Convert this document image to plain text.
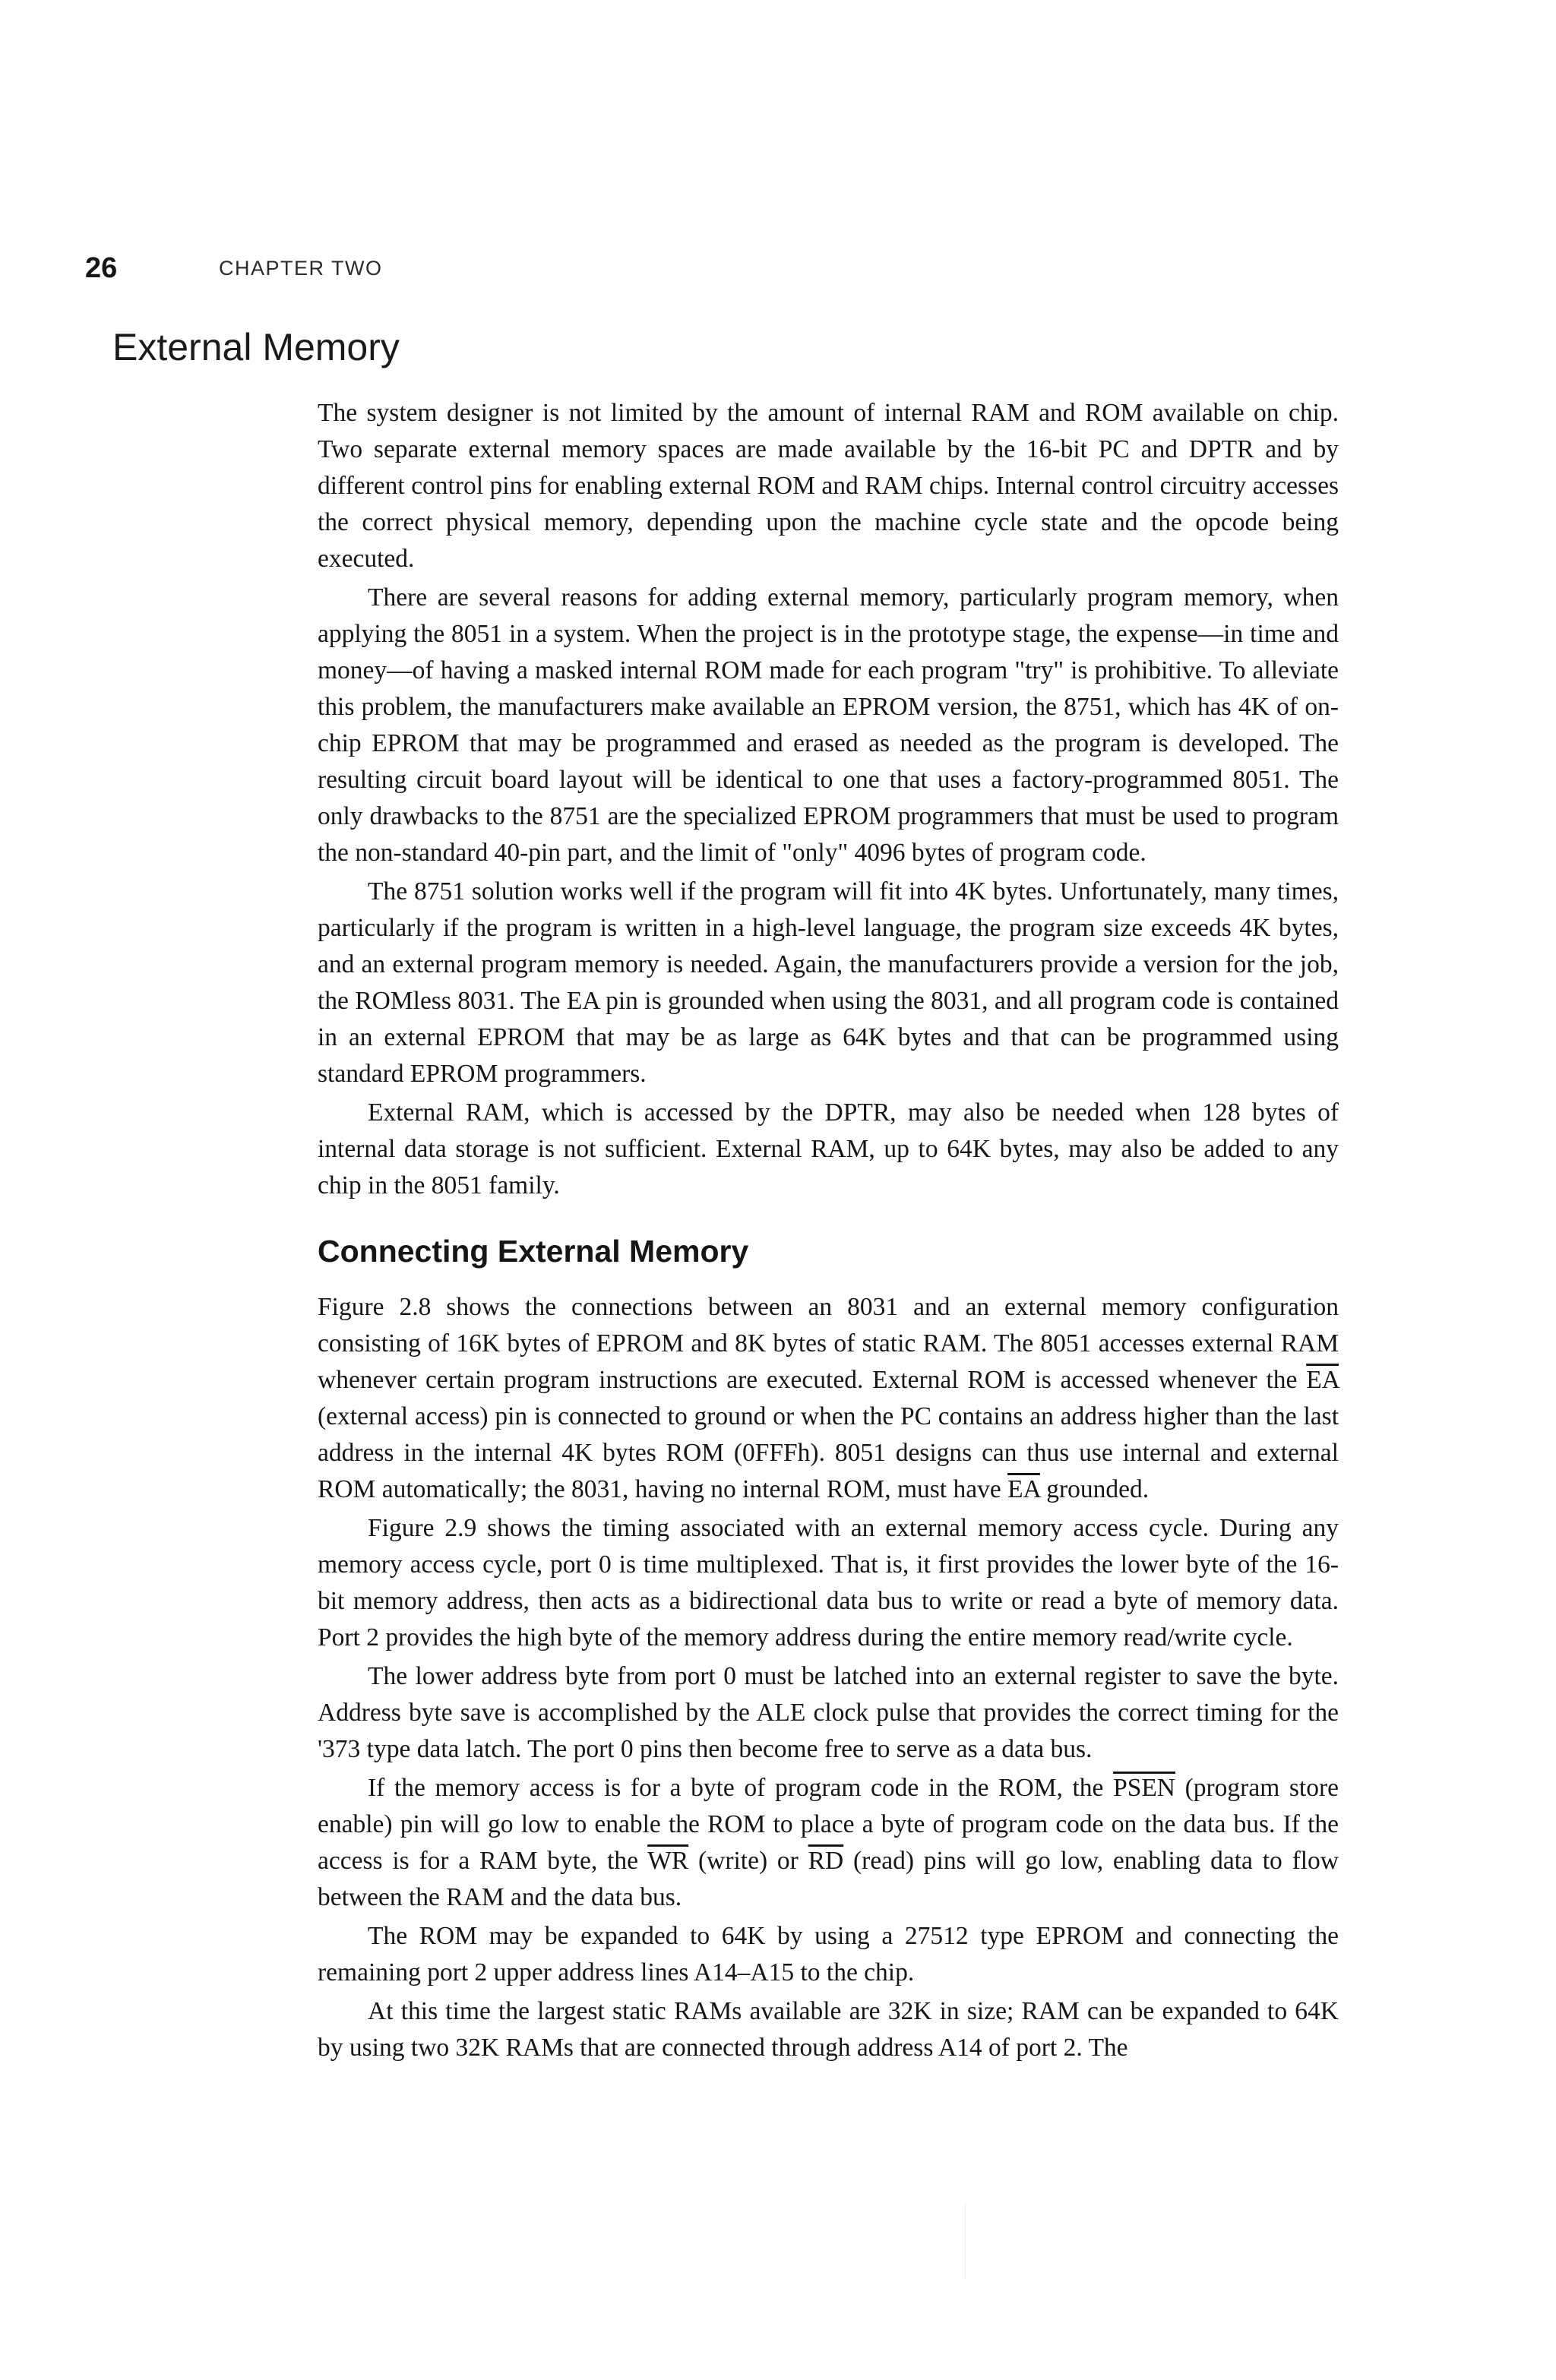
26	CHAPTER TWO
External Memory

The system designer is not limited by the amount of internal RAM and ROM available on chip. Two separate external memory spaces are made available by the 16-bit PC and DPTR and by different control pins for enabling external ROM and RAM chips. Internal control circuitry accesses the correct physical memory, depending upon the machine cycle state and the opcode being executed.

There are several reasons for adding external memory, particularly program memory, when applying the 8051 in a system. When the project is in the prototype stage, the expense—in time and money—of having a masked internal ROM made for each program "try" is prohibitive. To alleviate this problem, the manufacturers make available an EPROM version, the 8751, which has 4K of on-chip EPROM that may be programmed and erased as needed as the program is developed. The resulting circuit board layout will be identical to one that uses a factory-programmed 8051. The only drawbacks to the 8751 are the specialized EPROM programmers that must be used to program the non-standard 40-pin part, and the limit of "only" 4096 bytes of program code.

The 8751 solution works well if the program will fit into 4K bytes. Unfortunately, many times, particularly if the program is written in a high-level language, the program size exceeds 4K bytes, and an external program memory is needed. Again, the manufacturers provide a version for the job, the ROMless 8031. The EA pin is grounded when using the 8031, and all program code is contained in an external EPROM that may be as large as 64K bytes and that can be programmed using standard EPROM programmers.

External RAM, which is accessed by the DPTR, may also be needed when 128 bytes of internal data storage is not sufficient. External RAM, up to 64K bytes, may also be added to any chip in the 8051 family.

Connecting External Memory

Figure 2.8 shows the connections between an 8031 and an external memory configuration consisting of 16K bytes of EPROM and 8K bytes of static RAM. The 8051 accesses external RAM whenever certain program instructions are executed. External ROM is accessed whenever the $\overline{EA}$ (external access) pin is connected to ground or when the PC contains an address higher than the last address in the internal 4K bytes ROM (0FFFh). 8051 designs can thus use internal and external ROM automatically; the 8031, having no internal ROM, must have $\overline{EA}$ grounded.

Figure 2.9 shows the timing associated with an external memory access cycle. During any memory access cycle, port 0 is time multiplexed. That is, it first provides the lower byte of the 16-bit memory address, then acts as a bidirectional data bus to write or read a byte of memory data. Port 2 provides the high byte of the memory address during the entire memory read/write cycle.

The lower address byte from port 0 must be latched into an external register to save the byte. Address byte save is accomplished by the ALE clock pulse that provides the correct timing for the '373 type data latch. The port 0 pins then become free to serve as a data bus.

If the memory access is for a byte of program code in the ROM, the PSEN (program store enable) pin will go low to enable the ROM to place a byte of program code on the data bus. If the access is for a RAM byte, the $\overline{WR}$ (write) or $\overline{RD}$ (read) pins will go low, enabling data to flow between the RAM and the data bus.

The ROM may be expanded to 64K by using a 27512 type EPROM and connecting the remaining port 2 upper address lines A14–A15 to the chip.

At this time the largest static RAMs available are 32K in size; RAM can be expanded to 64K by using two 32K RAMs that are connected through address A14 of port 2. The
